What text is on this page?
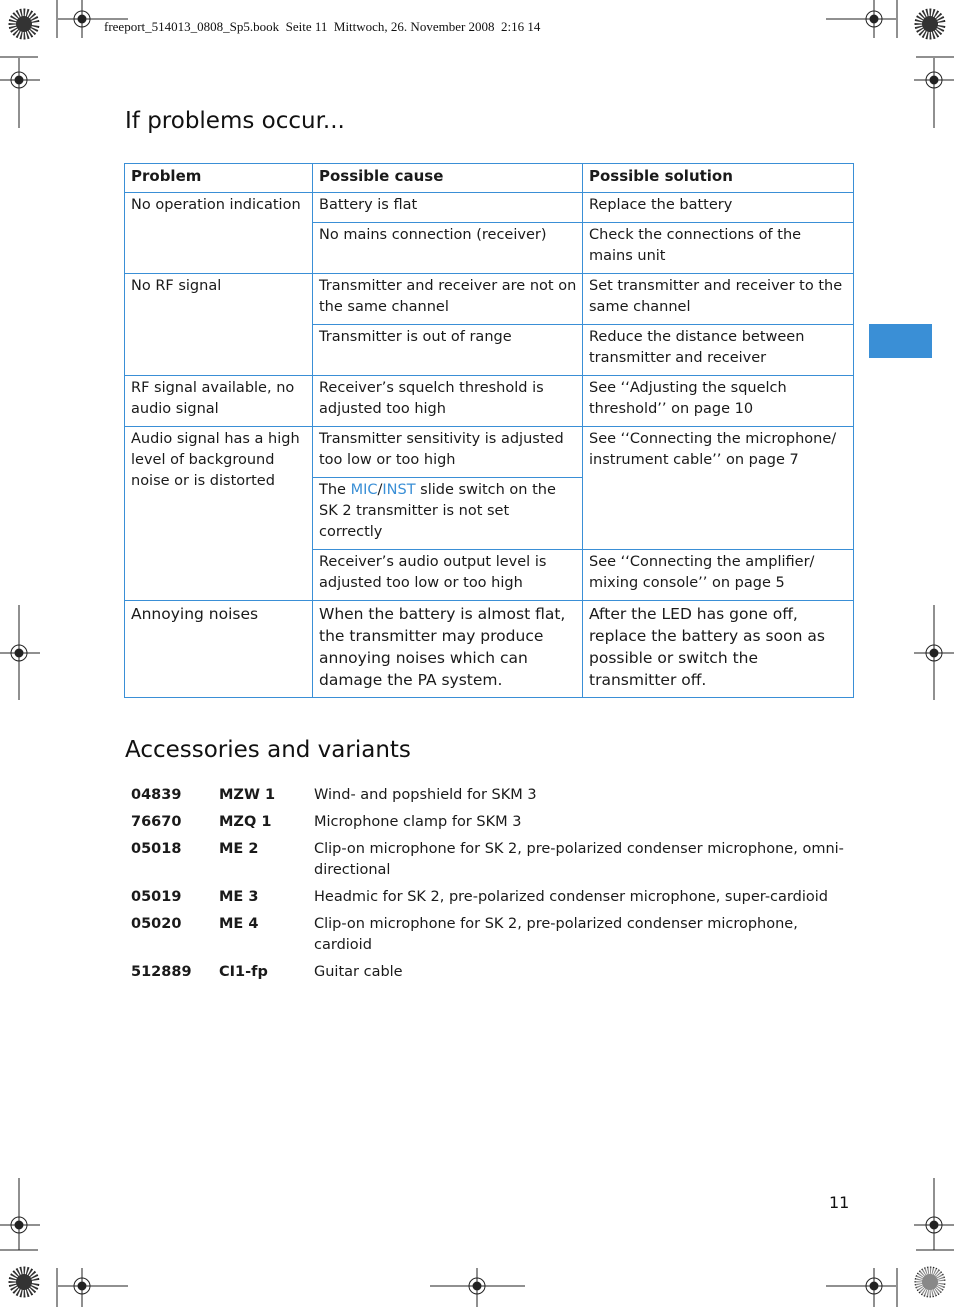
freeport_514013_0808_Sp5.book  Seite 11  Mittwoch, 26. November 2008  2:16 14
If problems occur...
Problem	Possible cause	Possible solution
No operation indication	Battery is flat	Replace the battery
	No mains connection (receiver)	Check the connections of the mains unit
No RF signal	Transmitter and receiver are not on the same channel	Set transmitter and receiver to the same channel
	Transmitter is out of range	Reduce the distance between transmitter and receiver
RF signal available, no audio signal	Receiver’s squelch threshold is adjusted too high	See ‘‘Adjusting the squelch threshold’’ on page 10
Audio signal has a high level of background noise or is distorted	Transmitter sensitivity is adjusted too low or too high	See ‘‘Connecting the microphone/ instrument cable’’ on page 7
	The MIC/INST slide switch on the SK 2 transmitter is not set correctly	
	Receiver’s audio output level is adjusted too low or too high	See ‘‘Connecting the amplifier/ mixing console’’ on page 5
Annoying noises	When the battery is almost flat, the transmitter may produce annoying noises which can damage the PA system.	After the LED has gone off, replace the battery as soon as possible or switch the transmitter off.
Accessories and variants
04839	MZW 1	Wind- and popshield for SKM 3
76670	MZQ 1	Microphone clamp for SKM 3
05018	ME 2	Clip-on microphone for SK 2, pre-polarized condenser microphone, omni-directional
05019	ME 3	Headmic for SK 2, pre-polarized condenser microphone, super-cardioid
05020	ME 4	Clip-on microphone for SK 2, pre-polarized condenser microphone, cardioid
512889	CI1-fp	Guitar cable
11
